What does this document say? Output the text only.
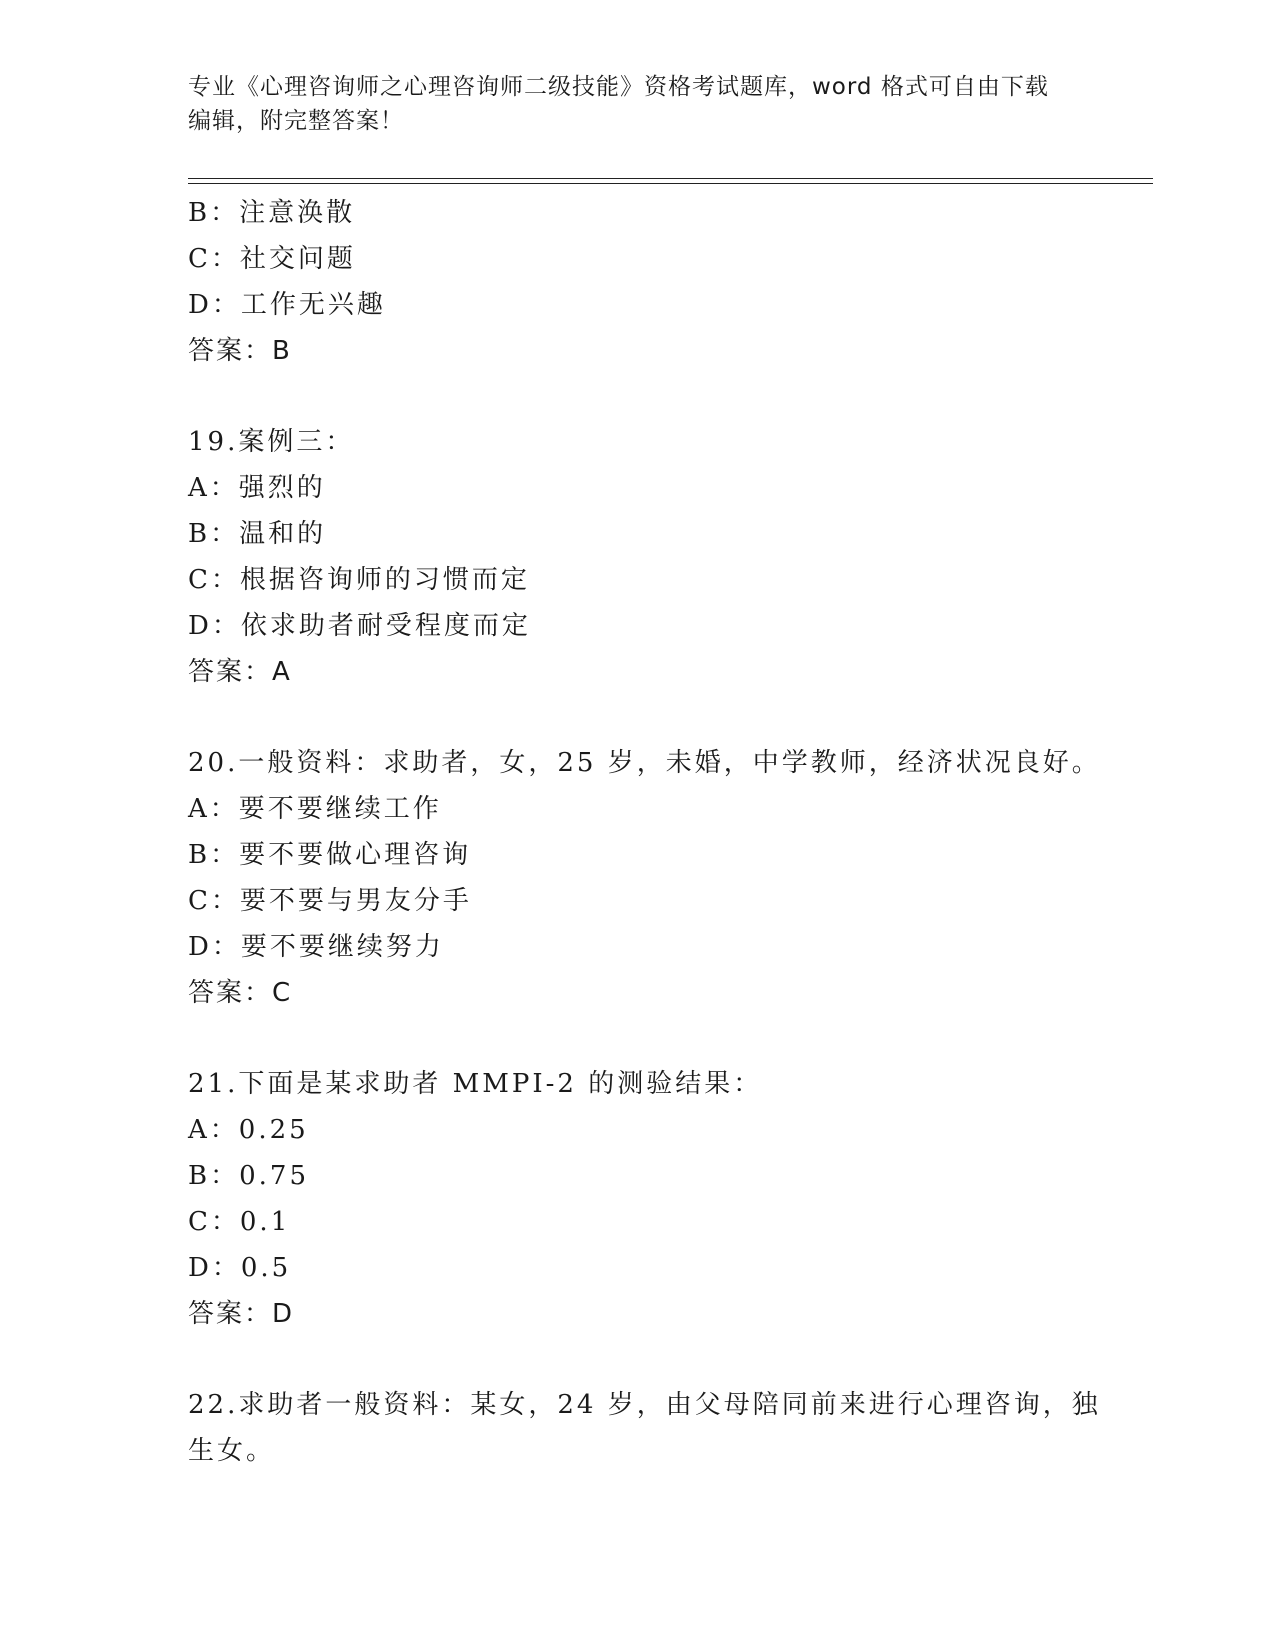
专业《心理咨询师之心理咨询师二级技能》资格考试题库，word 格式可自由下载
编辑，附完整答案！
B：注意涣散
C：社交问题
D：工作无兴趣
答案：B
19.案例三：
A：强烈的
B：温和的
C：根据咨询师的习惯而定
D：依求助者耐受程度而定
答案：A
20.一般资料：求助者，女，25 岁，未婚，中学教师，经济状况良好。
A：要不要继续工作
B：要不要做心理咨询
C：要不要与男友分手
D：要不要继续努力
答案：C
21.下面是某求助者 MMPI-2 的测验结果：
A：0.25
B：0.75
C：0.1
D：0.5
答案：D
22.求助者一般资料：某女，24 岁，由父母陪同前来进行心理咨询，独生女。
